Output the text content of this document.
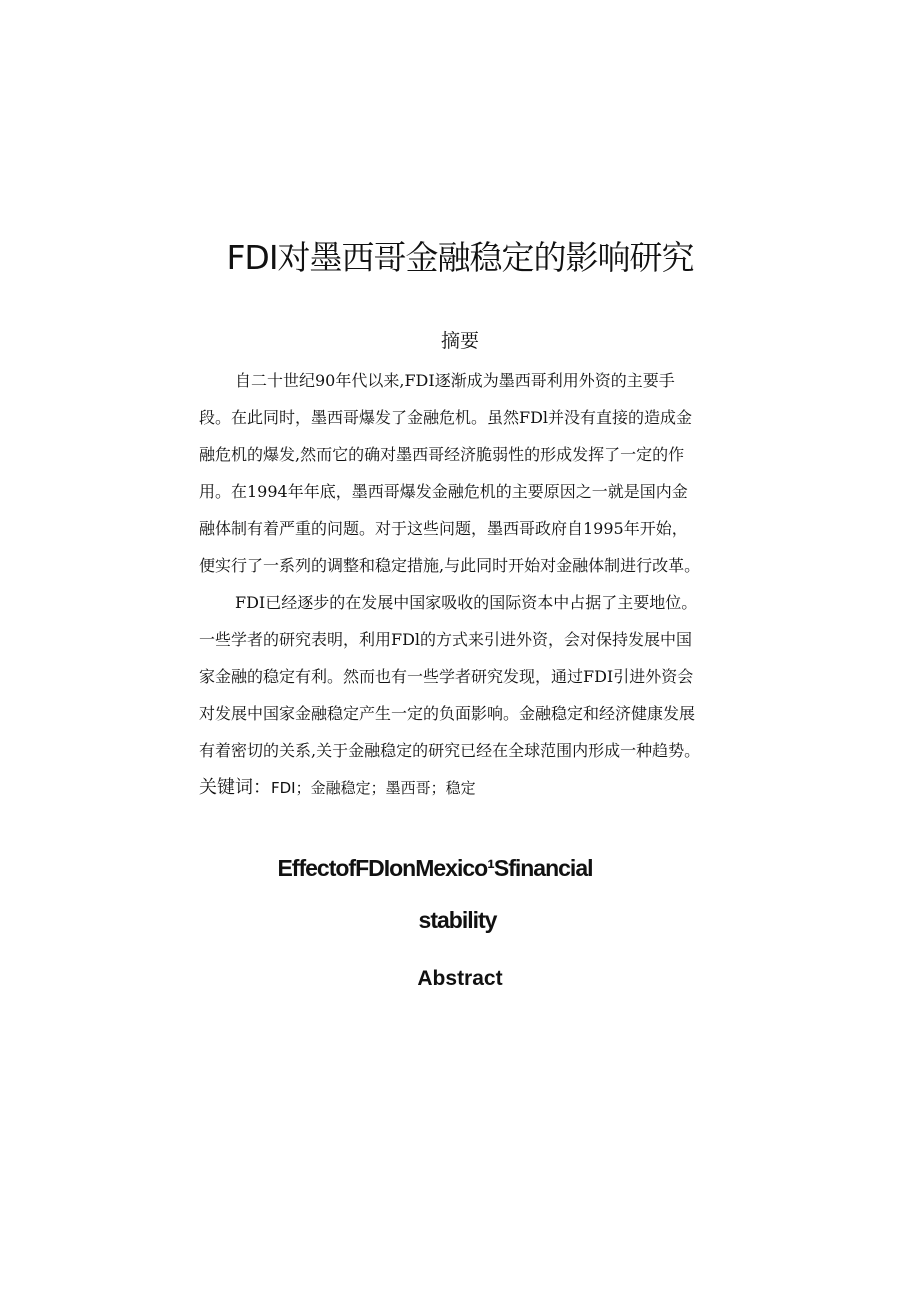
FDI对墨西哥金融稳定的影响研究
摘要
自二十世纪90年代以来,FDI逐渐成为墨西哥利用外资的主要手
段。在此同时，墨西哥爆发了金融危机。虽然FDl并没有直接的造成金
融危机的爆发,然而它的确对墨西哥经济脆弱性的形成发挥了一定的作
用。在1994年年底，墨西哥爆发金融危机的主要原因之一就是国内金
融体制有着严重的问题。对于这些问题，墨西哥政府自1995年开始，
便实行了一系列的调整和稳定措施,与此同时开始对金融体制进行改革。
FDI已经逐步的在发展中国家吸收的国际资本中占据了主要地位。
一些学者的研究表明，利用FDl的方式来引进外资，会对保持发展中国
家金融的稳定有利。然而也有一些学者研究发现，通过FDI引进外资会
对发展中国家金融稳定产生一定的负面影响。金融稳定和经济健康发展
有着密切的关系,关于金融稳定的研究已经在全球范围内形成一种趋势。

关键词：FDI；金融稳定；墨西哥；稳定

EffectofFDIonMexico¹Sfinancial
stability
Abstract
